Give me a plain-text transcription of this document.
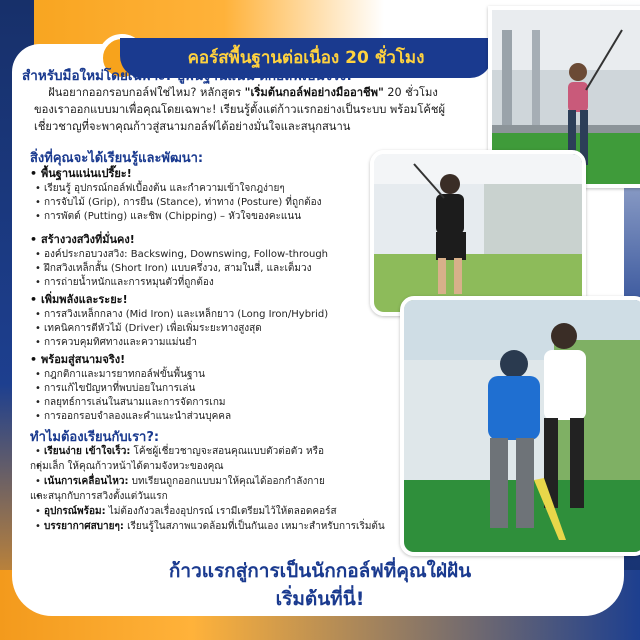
คอร์สพื้นฐานต่อเนื่อง 20 ชั่วโมง
สำหรับมือใหม่โดยเฉพาะ! ปูพื้นฐานแน่น ตีกอล์ฟเป็นจริง!

ฝันอยากออกรอบกอล์ฟใช่ไหม? หลักสูตร "เริ่มต้นกอล์ฟอย่างมืออาชีพ" 20 ชั่วโมง

ของเราออกแบบมาเพื่อคุณโดยเฉพาะ! เรียนรู้ตั้งแต่ก้าวแรกอย่างเป็นระบบ พร้อมโค้ชผู้

เชี่ยวชาญที่จะพาคุณก้าวสู่สนามกอล์ฟได้อย่างมั่นใจและสนุกสนาน

สิ่งที่คุณจะได้เรียนรู้และพัฒนา:
• พื้นฐานแน่นเปรี๊ยะ!
• เรียนรู้ อุปกรณ์กอล์ฟเบื้องต้น และกำความเข้าใจกฎง่ายๆ
• การจับไม้ (Grip), การยืน (Stance), ท่าทาง (Posture) ที่ถูกต้อง
• การพัตต์ (Putting) และชิพ (Chipping) – หัวใจของคะแนน
• สร้างวงสวิงที่มั่นคง!
• องค์ประกอบวงสวิง: Backswing, Downswing, Follow-through
• ฝึกสวิงเหล็กสั้น (Short Iron) แบบครึ่งวง, สามในสี่, และเต็มวง
• การถ่ายน้ำหนักและการหมุนตัวที่ถูกต้อง
• เพิ่มพลังและระยะ!
• การสวิงเหล็กกลาง (Mid Iron) และเหล็กยาว (Long Iron/Hybrid)
• เทคนิคการตีหัวไม้ (Driver) เพื่อเพิ่มระยะทางสูงสุด
• การควบคุมทิศทางและความแม่นยำ
• พร้อมสู่สนามจริง!
• กฎกติกาและมารยาทกอล์ฟขั้นพื้นฐาน
• การแก้ไขปัญหาที่พบบ่อยในการเล่น
• กลยุทธ์การเล่นในสนามและการจัดการเกม
• การออกรอบจำลองและคำแนะนำส่วนบุคคล
ทำไมต้องเรียนกับเรา?:
• เรียนง่าย เข้าใจเร็ว: โค้ชผู้เชี่ยวชาญจะสอนคุณแบบตัวต่อตัว หรือ
• กลุ่มเล็ก ให้คุณก้าวหน้าได้ตามจังหวะของคุณ
• เน้นการเคลื่อนไหว: บทเรียนถูกออกแบบมาให้คุณได้ออกกำลังกาย
• และสนุกกับการสวิงตั้งแต่วันแรก
• อุปกรณ์พร้อม: ไม่ต้องกังวลเรื่องอุปกรณ์ เรามีเตรียมไว้ให้ตลอดคอร์ส
• บรรยากาศสบายๆ: เรียนรู้ในสภาพแวดล้อมที่เป็นกันเอง เหมาะสำหรับการเริ่มต้น
ก้าวแรกสู่การเป็นนักกอล์ฟที่คุณใฝ่ฝัน
เริ่มต้นที่นี่!
